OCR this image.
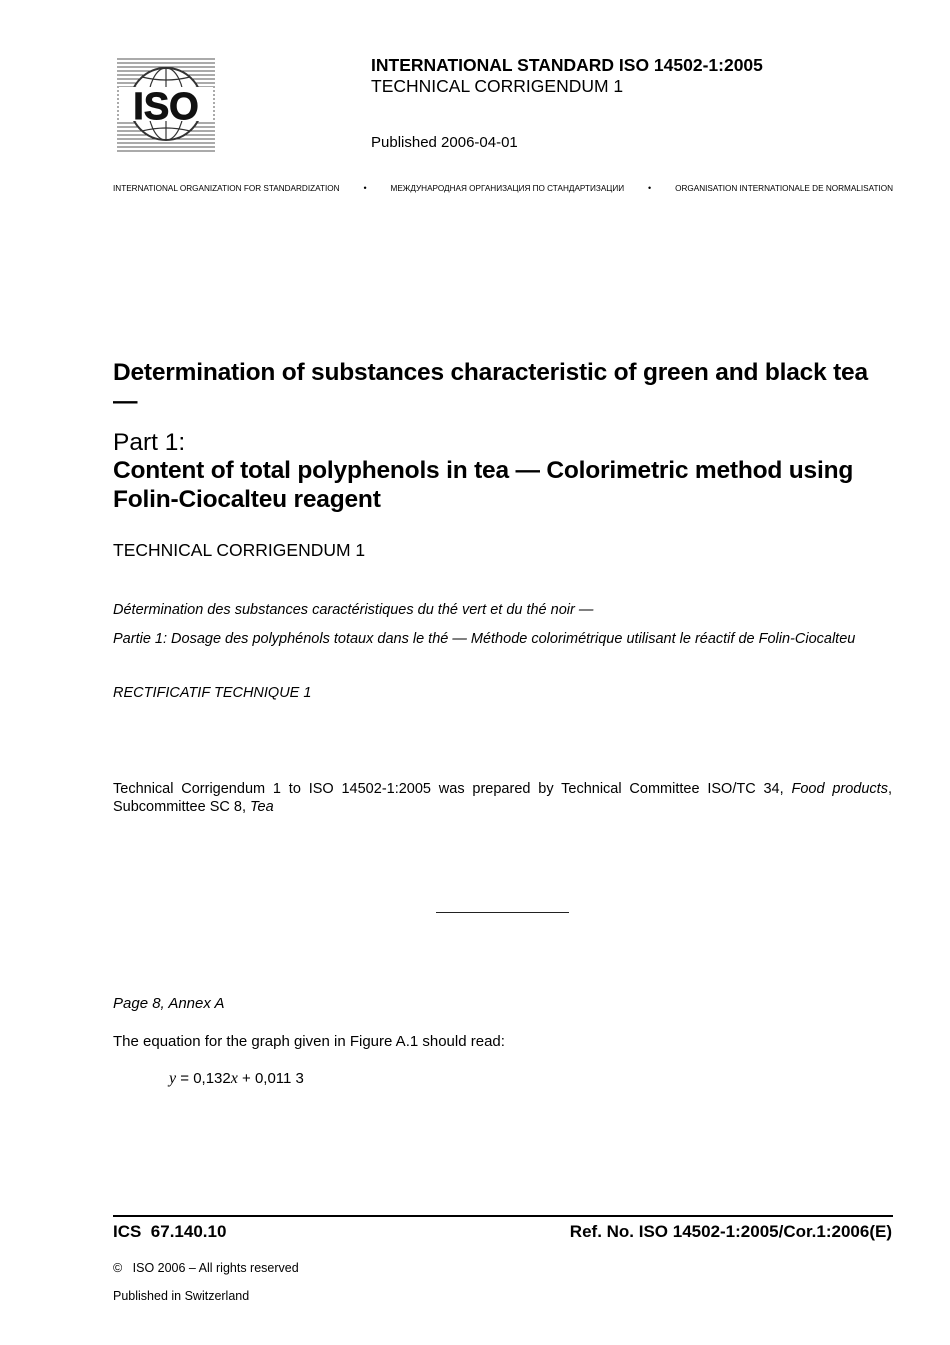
ISO
INTERNATIONAL STANDARD ISO 14502-1:2005
TECHNICAL CORRIGENDUM 1
Published 2006-04-01
INTERNATIONAL ORGANIZATION FOR STANDARDIZATION	•	МЕЖДУНАРОДНАЯ ОРГАНИЗАЦИЯ ПО СТАНДАРТИЗАЦИИ	•	ORGANISATION INTERNATIONALE DE NORMALISATION
Determination of substances characteristic of green and black tea —
Part 1:
Content of total polyphenols in tea — Colorimetric method using Folin-Ciocalteu reagent
TECHNICAL CORRIGENDUM 1
Détermination des substances caractéristiques du thé vert et du thé noir —
Partie 1: Dosage des polyphénols totaux dans le thé — Méthode colorimétrique utilisant le réactif de Folin-Ciocalteu
RECTIFICATIF TECHNIQUE 1
Technical Corrigendum 1 to ISO 14502-1:2005 was prepared by Technical Committee ISO/TC 34, Food products, Subcommittee SC 8, Tea
Page 8, Annex A
The equation for the graph given in Figure A.1 should read:
y = 0,132x + 0,011 3
ICS  67.140.10	Ref. No. ISO 14502-1:2005/Cor.1:2006(E)
©   ISO 2006 – All rights reserved
Published in Switzerland
